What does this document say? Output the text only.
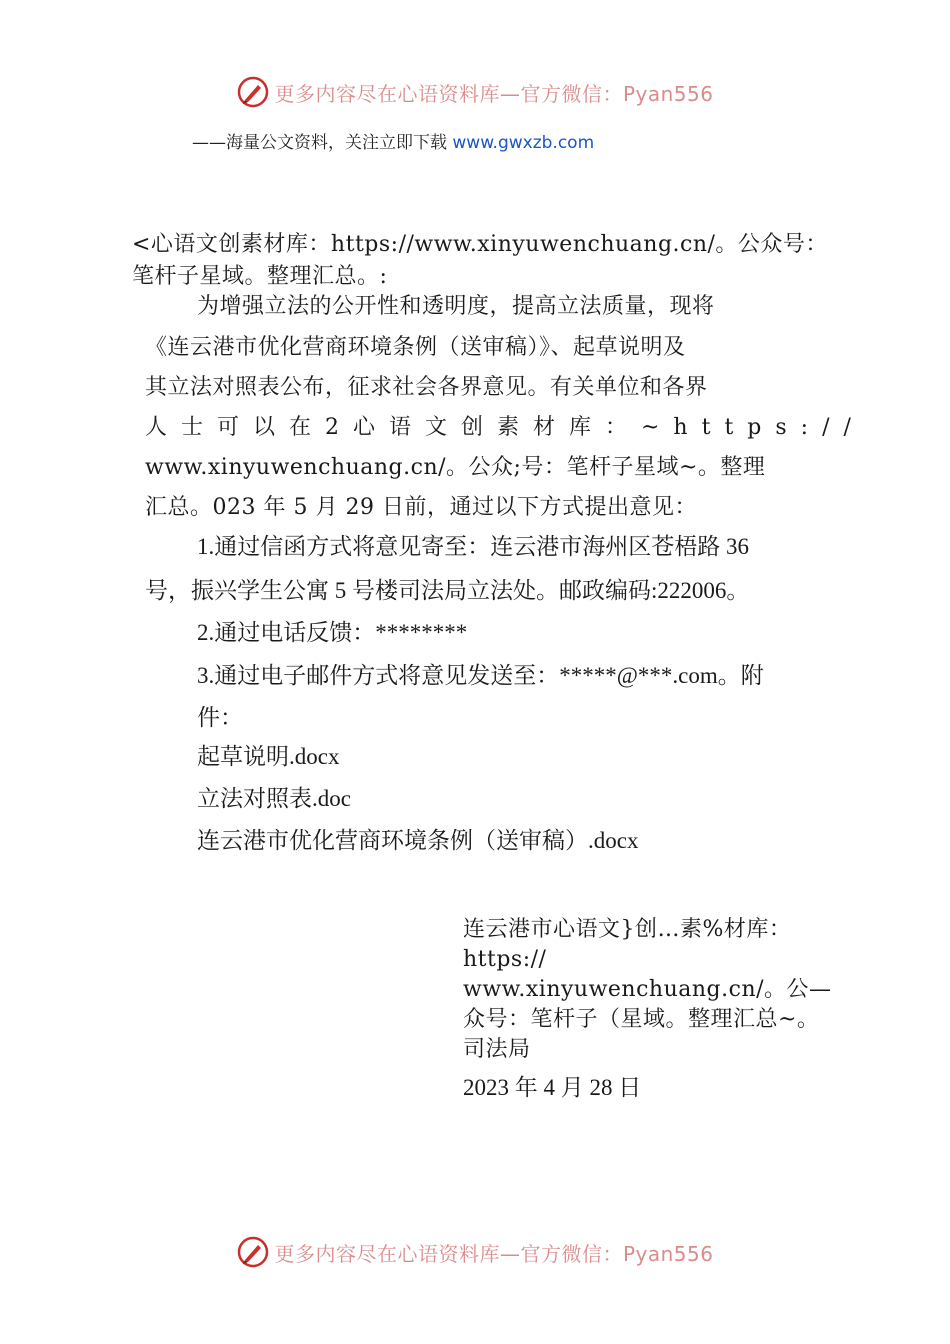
更多内容尽在心语资料库—官方微信：Pyan556
——海量公文资料，关注立即下载 www.gwxzb.com
<心语文创素材库：https://www.xinyuwenchuang.cn/。公众号：
笔杆子星域。整理汇总。:
为增强立法的公开性和透明度，提高立法质量，现将
《连云港市优化营商环境条例（送审稿）》、起草说明及
其立法对照表公布，征求社会各界意见。有关单位和各界
人士可以在2心语文创素材库：~https://
www.xinyuwenchuang.cn/。公众;号：笔杆子星域~。整理
汇总。023 年 5 月 29 日前，通过以下方式提出意见：
1.通过信函方式将意见寄至：连云港市海州区苍梧路 36
号，振兴学生公寓 5 号楼司法局立法处。邮政编码:222006。
2.通过电话反馈：********
3.通过电子邮件方式将意见发送至：*****@***.com。附
件：
起草说明.docx
立法对照表.doc
连云港市优化营商环境条例（送审稿）.docx
连云港市心语文}创…素%材库：
https://
www.xinyuwenchuang.cn/。公—
众号：笔杆子（星域。整理汇总~。
司法局
2023 年 4 月 28 日
更多内容尽在心语资料库—官方微信：Pyan556
